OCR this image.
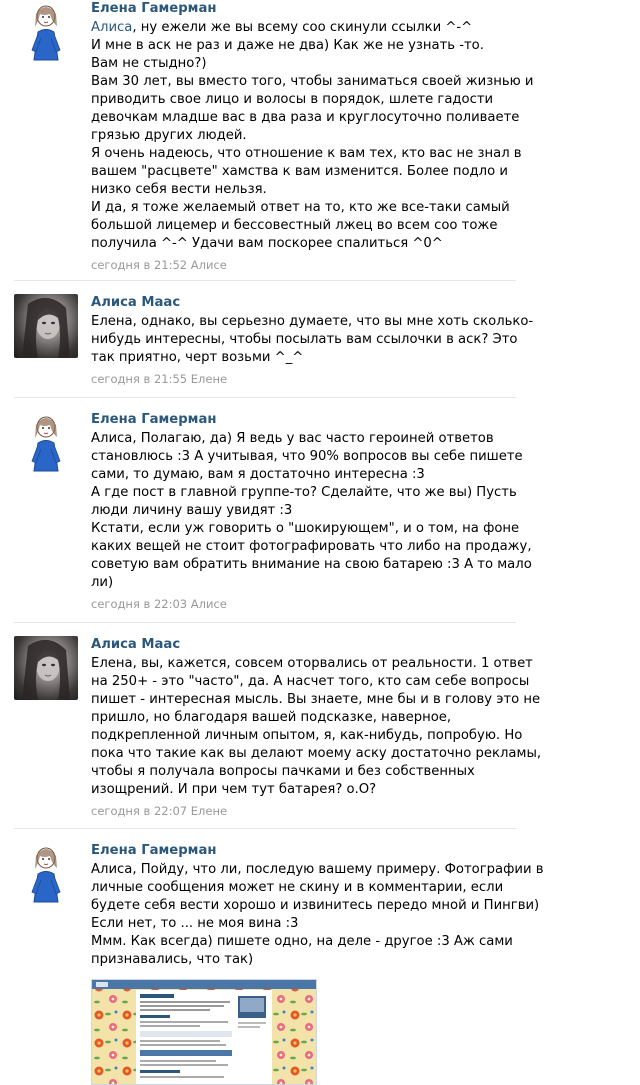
Елена Гамерман
Алиса, ну ежели же вы всему соо скинули ссылки ^-^
И мне в аск не раз и даже не два) Как же не узнать -то.
Вам не стыдно?)
Вам 30 лет, вы вместо того, чтобы заниматься своей жизнью и
приводить свое лицо и волосы в порядок, шлете гадости
девочкам младше вас в два раза и круглосуточно поливаете
грязью других людей.
Я очень надеюсь, что отношение к вам тех, кто вас не знал в
вашем "расцвете" хамства к вам изменится. Более подло и
низко себя вести нельзя.
И да, я тоже желаемый ответ на то, кто же все-таки самый
большой лицемер и бессовестный лжец во всем соо тоже
получила ^-^ Удачи вам поскорее спалиться ^0^
сегодня в 21:52 Алисе
Алиса Маас
Елена, однако, вы серьезно думаете, что вы мне хоть сколько-
нибудь интересны, чтобы посылать вам ссылочки в аск? Это
так приятно, черт возьми ^_^
сегодня в 21:55 Елене
Елена Гамерман
Алиса, Полагаю, да) Я ведь у вас часто героиней ответов
становлюсь :3 А учитывая, что 90% вопросов вы себе пишете
сами, то думаю, вам я достаточно интересна :3
А где пост в главной группе-то? Сделайте, что же вы) Пусть
люди личину вашу увидят :3
Кстати, если уж говорить о "шокирующем", и о том, на фоне
каких вещей не стоит фотографировать что либо на продажу,
советую вам обратить внимание на свою батарею :3 А то мало
ли)
сегодня в 22:03 Алисе
Алиса Маас
Елена, вы, кажется, совсем оторвались от реальности. 1 ответ
на 250+ - это "часто", да. А насчет того, кто сам себе вопросы
пишет - интересная мысль. Вы знаете, мне бы и в голову это не
пришло, но благодаря вашей подсказке, наверное,
подкрепленной личным опытом, я, как-нибудь, попробую. Но
пока что такие как вы делают моему аску достаточно рекламы,
чтобы я получала вопросы пачками и без собственных
изощрений. И при чем тут батарея? о.О?
сегодня в 22:07 Елене
Елена Гамерман
Алиса, Пойду, что ли, последую вашему примеру. Фотографии в
личные сообщения может не скину и в комментарии, если
будете себя вести хорошо и извинитесь передо мной и Пингви)
Если нет, то ... не моя вина :3
Ммм. Как всегда) пишете одно, на деле - другое :3 Аж сами
признавались, что так)
